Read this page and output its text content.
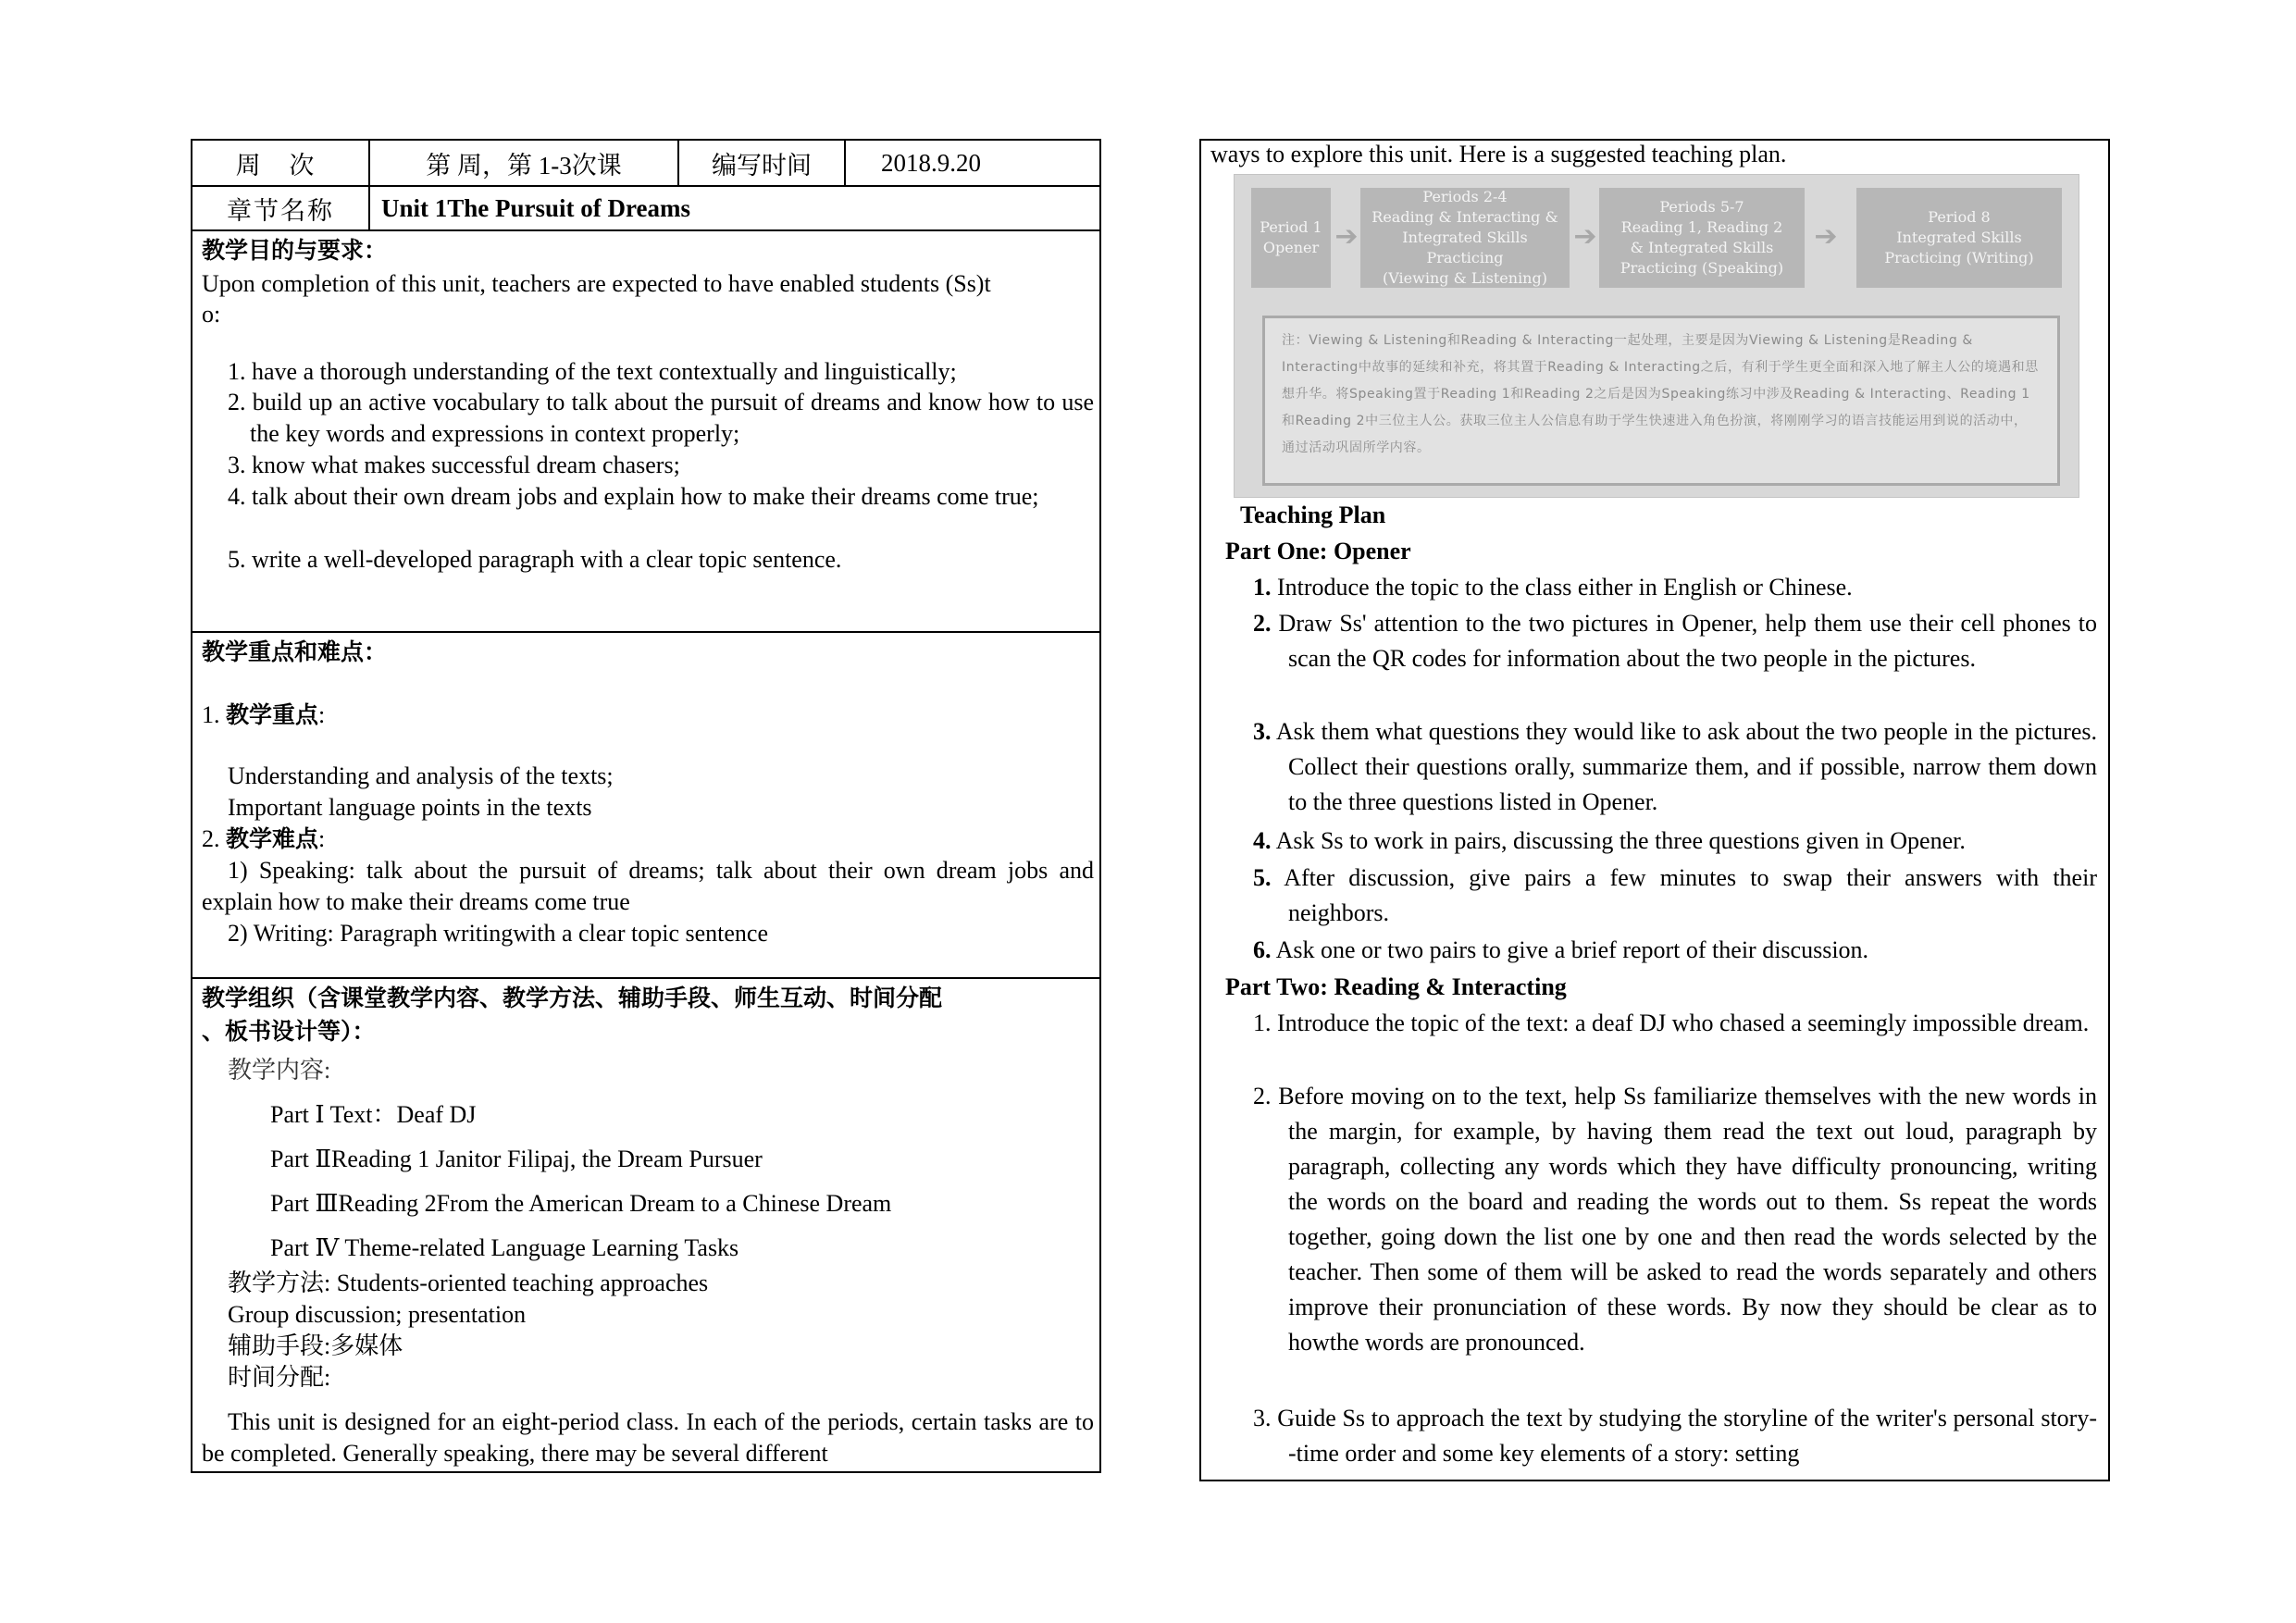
周 次	第 周，第 1-3次课	编写时间	2018.9.20
章节名称	Unit 1The Pursuit of Dreams
教学目的与要求：
Upon completion of this unit, teachers are expected to have enabled students (Ss)t
o:
1. have a thorough understanding of the text contextually and linguistically;
2. build up an active vocabulary to talk about the pursuit of dreams and know how to use the key words and expressions in context properly;
3. know what makes successful dream chasers;
4. talk about their own dream jobs and explain how to make their dreams come true;
5. write a well-developed paragraph with a clear topic sentence.
教学重点和难点：
1. 教学重点:
Understanding and analysis of the texts;
Important language points in the texts
2. 教学难点:
1) Speaking: talk about the pursuit of dreams; talk about their own dream jobs and explain how to make their dreams come true
2) Writing: Paragraph writingwith a clear topic sentence
教学组织（含课堂教学内容、教学方法、辅助手段、师生互动、时间分配
、板书设计等）：
教学内容:
Part Ⅰ Text：Deaf DJ
Part ⅡReading 1 Janitor Filipaj, the Dream Pursuer
Part ⅢReading 2From the American Dream to a Chinese Dream
Part Ⅳ Theme-related Language Learning Tasks
教学方法: Students-oriented teaching approaches
Group discussion; presentation
辅助手段:多媒体
时间分配:
This unit is designed for an eight-period class. In each of the periods, certain tasks are to be completed. Generally speaking, there may be several different
ways to explore this unit. Here is a suggested teaching plan.
Period 1
Opener ➔
Periods 2-4
Reading & Interacting &
Integrated Skills Practicing
(Viewing & Listening)
➔
Periods 5-7
Reading 1, Reading 2
& Integrated Skills
Practicing (Speaking)
➔
Period 8
Integrated Skills
Practicing (Writing)
注：Viewing & Listening和Reading & Interacting一起处理，主要是因为Viewing & Listening是Reading & Interacting中故事的延续和补充，将其置于Reading & Interacting之后，有利于学生更全面和深入地了解主人公的境遇和思想升华。将Speaking置于Reading 1和Reading 2之后是因为Speaking练习中涉及Reading & Interacting、Reading 1和Reading 2中三位主人公。获取三位主人公信息有助于学生快速进入角色扮演，将刚刚学习的语言技能运用到说的活动中，通过活动巩固所学内容。
Teaching Plan
Part One: Opener
1. Introduce the topic to the class either in English or Chinese.
2. Draw Ss' attention to the two pictures in Opener, help them use their cell phones to scan the QR codes for information about the two people in the pictures.
3. Ask them what questions they would like to ask about the two people in the pictures. Collect their questions orally, summarize them, and if possible, narrow them down to the three questions listed in Opener.
4. Ask Ss to work in pairs, discussing the three questions given in Opener.
5. After discussion, give pairs a few minutes to swap their answers with their neighbors.
6. Ask one or two pairs to give a brief report of their discussion.
Part Two: Reading & Interacting
1. Introduce the topic of the text: a deaf DJ who chased a seemingly impossible dream.
2. Before moving on to the text, help Ss familiarize themselves with the new words in the margin, for example, by having them read the text out loud, paragraph by paragraph, collecting any words which they have difficulty pronouncing, writing the words on the board and reading the words out to them. Ss repeat the words together, going down the list one by one and then read the words selected by the teacher. Then some of them will be asked to read the words separately and others improve their pronunciation of these words. By now they should be clear as to howthe words are pronounced.
3. Guide Ss to approach the text by studying the storyline of the writer's personal story--time order and some key elements of a story: setting
